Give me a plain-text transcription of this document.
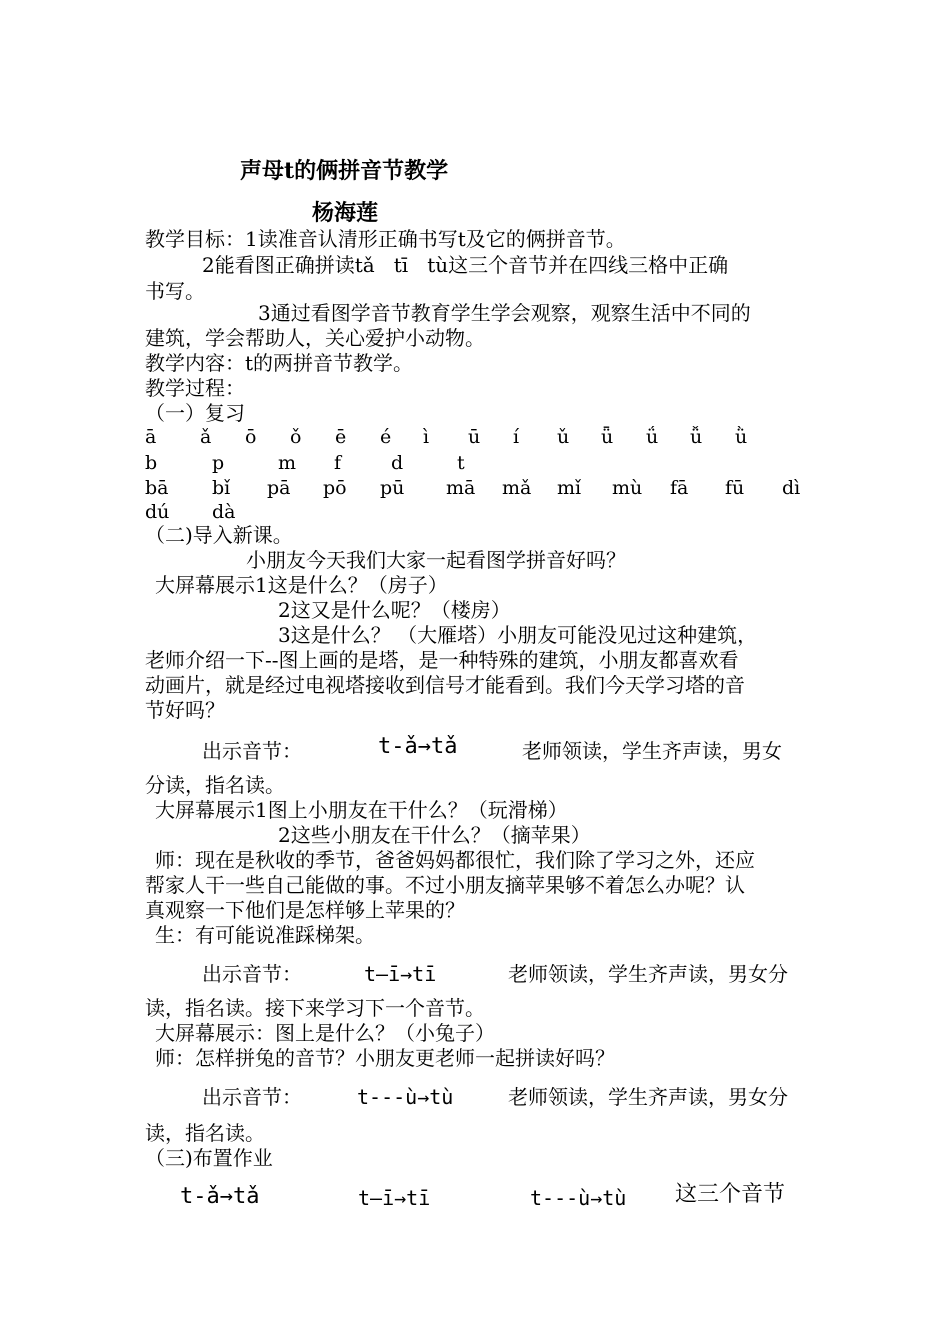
声母t的俩拼音节教学
杨海莲
教学目标：1读准音认清形正确书写t及它的俩拼音节。
2能看图正确拼读tǎ   tī   tù这三个音节并在四线三格中正确
书写。
3通过看图学音节教育学生学会观察，观察生活中不同的
建筑，学会帮助人，关心爱护小动物。
教学内容：t的两拼音节教学。
教学过程：
（一）复习
ā ǎ ō ǒ ē é ì ū í ǔ ǖ ǘ ǚ ǜ
b	p	m f	d	t
bā bǐ pā pō pū mā mǎ mǐ mù fā fū dì
dú dà
（二)导入新课。
小朋友今天我们大家一起看图学拼音好吗？
大屏幕展示1这是什么？（房子）
2这又是什么呢？（楼房）
3这是什么？ （大雁塔）小朋友可能没见过这种建筑，
老师介绍一下--图上画的是塔，是一种特殊的建筑，小朋友都喜欢看
动画片，就是经过电视塔接收到信号才能看到。我们今天学习塔的音
节好吗？
出示音节：	t-ǎ→tǎ	老师领读，学生齐声读，男女
分读，指名读。
大屏幕展示1图上小朋友在干什么？（玩滑梯）
2这些小朋友在干什么？（摘苹果）
师：现在是秋收的季节，爸爸妈妈都很忙，我们除了学习之外，还应
帮家人干一些自己能做的事。不过小朋友摘苹果够不着怎么办呢？认
真观察一下他们是怎样够上苹果的？
生：有可能说准踩梯架。
出示音节：	t—ī→tī	老师领读，学生齐声读，男女分
读，指名读。接下来学习下一个音节。
大屏幕展示：图上是什么？（小兔子）
师：怎样拼兔的音节？小朋友更老师一起拼读好吗？
出示音节：	t---ù→tù	老师领读，学生齐声读，男女分
读，指名读。
（三)布置作业
t-ǎ→tǎ	t—ī→tī	t---ù→tù 这三个音节
